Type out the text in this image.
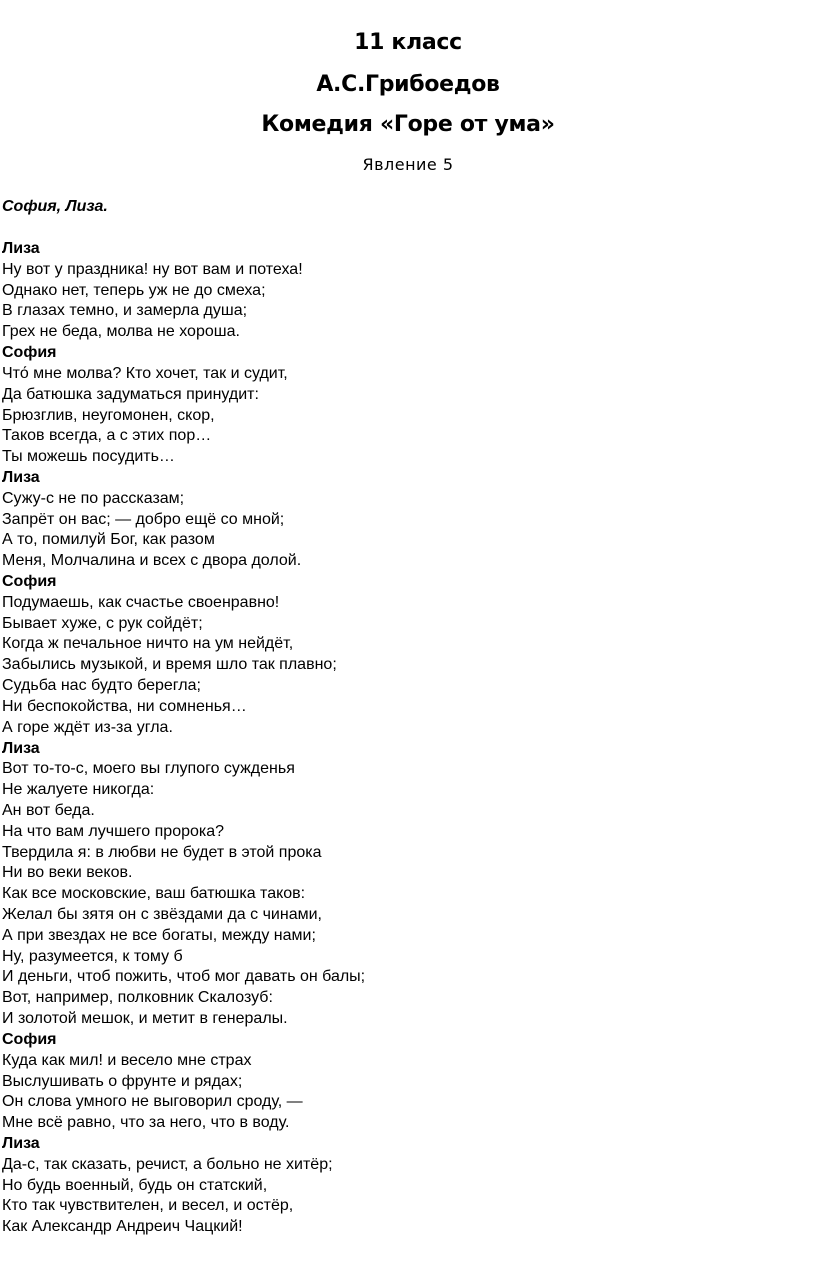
11 класс
А.С.Грибоедов
Комедия «Горе от ума»
Явление 5
София, Лиза.
Лиза
Ну вот у праздника! ну вот вам и потеха!
Однако нет, теперь уж не до смеха;
В глазах темно, и замерла душа;
Грех не беда, молва не хороша.
София
Что́ мне молва? Кто хочет, так и судит,
Да батюшка задуматься принудит:
Брюзглив, неугомонен, скор,
Таков всегда, а с этих пор…
Ты можешь посудить…
Лиза
Сужу-с не по рассказам;
Запрёт он вас; — добро ещё со мной;
А то, помилуй Бог, как разом
Меня, Молчалина и всех с двора долой.
София
Подумаешь, как счастье своенравно!
Бывает хуже, с рук сойдёт;
Когда ж печальное ничто на ум нейдёт,
Забылись музыкой, и время шло так плавно;
Судьба нас будто берегла;
Ни беспокойства, ни сомненья…
А горе ждёт из-за угла.
Лиза
Вот то-то-с, моего вы глупого сужденья
Не жалуете никогда:
Ан вот беда.
На что вам лучшего пророка?
Твердила я: в любви не будет в этой прока
Ни во веки веков.
Как все московские, ваш батюшка таков:
Желал бы зятя он с звёздами да с чинами,
А при звездах не все богаты, между нами;
Ну, разумеется, к тому б
И деньги, чтоб пожить, чтоб мог давать он балы;
Вот, например, полковник Скалозуб:
И золотой мешок, и метит в генералы.
София
Куда как мил! и весело мне страх
Выслушивать о фрунте и рядах;
Он слова умного не выговорил сроду, —
Мне всё равно, что за него, что в воду.
Лиза
Да-с, так сказать, речист, а больно не хитёр;
Но будь военный, будь он статский,
Кто так чувствителен, и весел, и остёр,
Как Александр Андреич Чацкий!
